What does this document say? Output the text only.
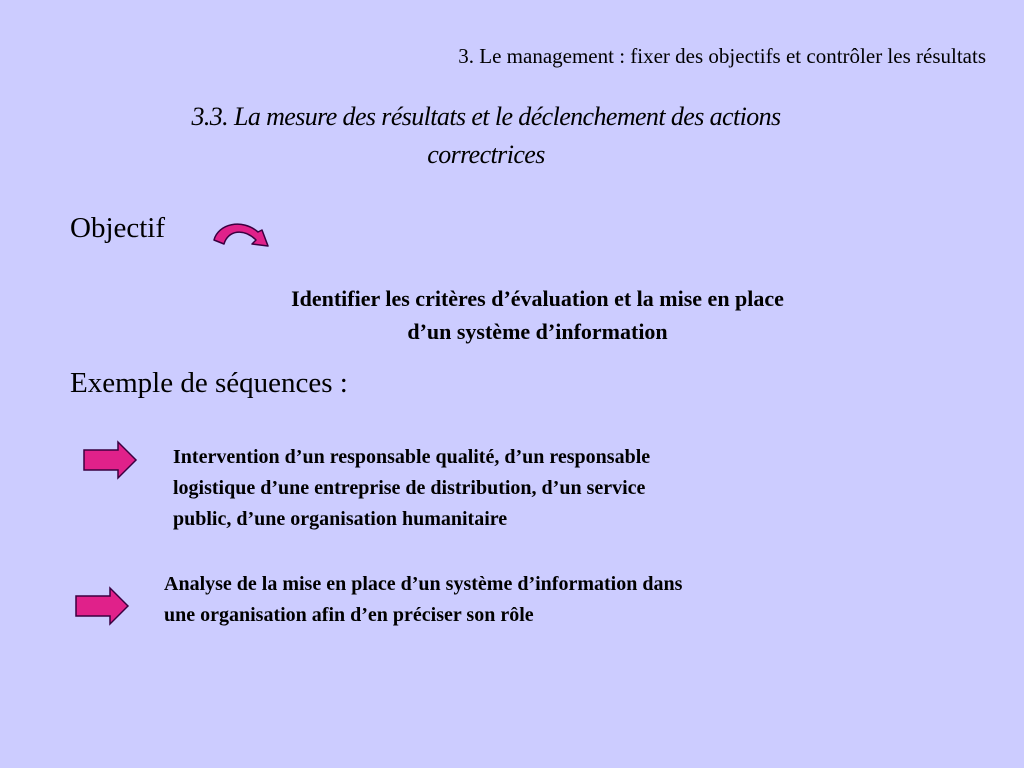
3. Le management : fixer des objectifs et contrôler les résultats
3.3. La mesure des résultats et le déclenchement des actions
correctrices
Objectif
Identifier les critères d’évaluation et la mise en place
d’un système d’information
Exemple de séquences :
Intervention d’un responsable qualité, d’un responsable
logistique d’une entreprise de distribution, d’un service
public, d’une organisation humanitaire
Analyse de la mise en place d’un système d’information dans
une organisation afin d’en préciser son rôle
